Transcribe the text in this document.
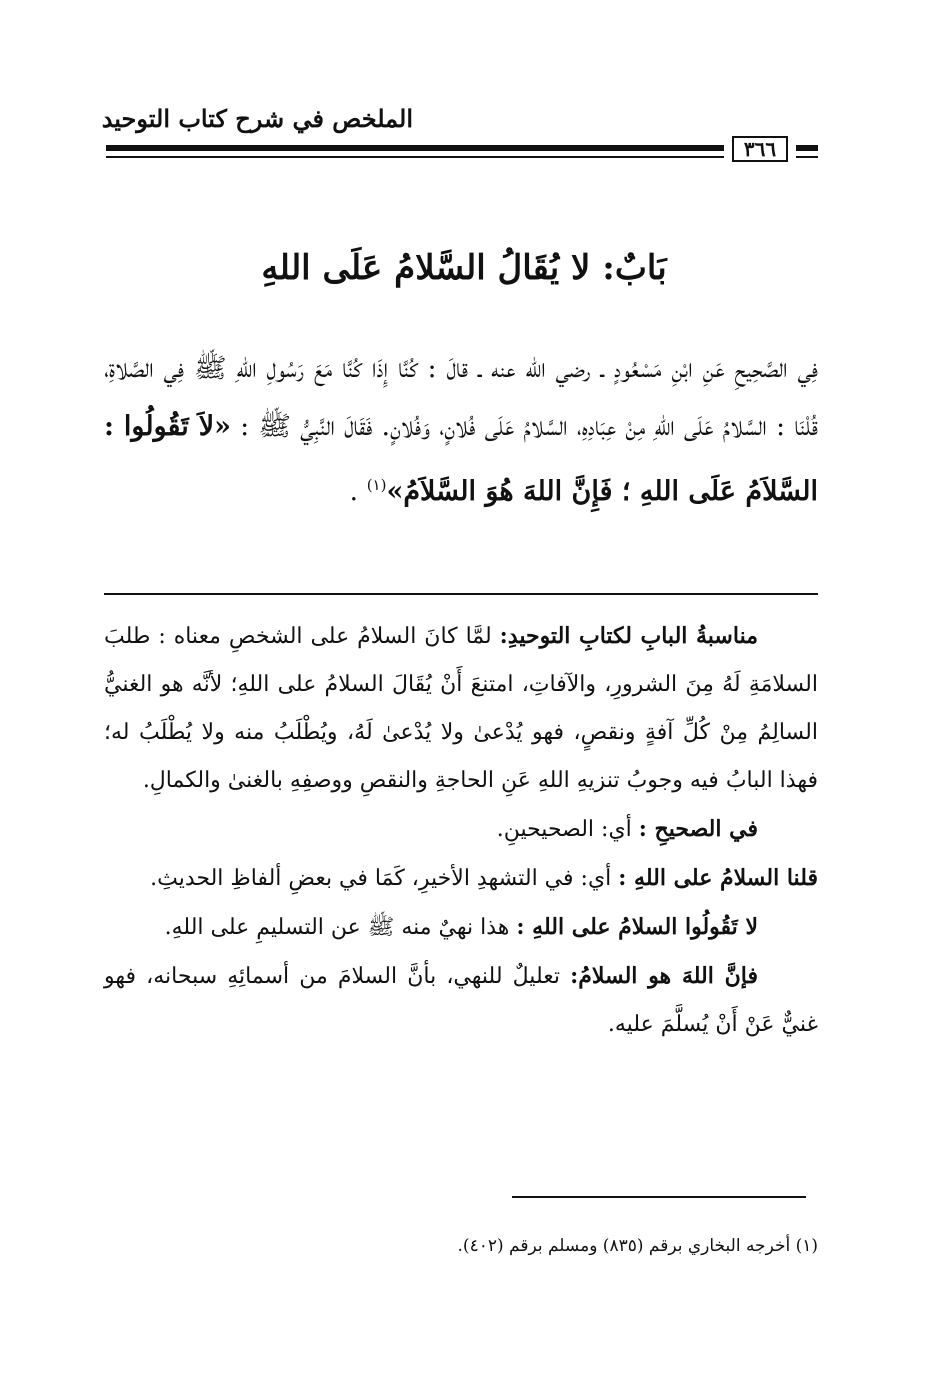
الملخص في شرح كتاب التوحيد
٣٦٦
بَابٌ: لا يُقَالُ السَّلامُ عَلَى اللهِ
فِي الصَّحِيحِ عَنِ ابْنِ مَسْعُودٍ ـ رضي الله عنه ـ قالَ : كُنَّا إِذَا كُنَّا مَعَ رَسُولِ اللهِ ﷺ فِي الصَّلاةِ، قُلْنَا : السَّلامُ عَلَى اللهِ مِنْ عِبَادِهِ، السَّلامُ عَلَى فُلانٍ، وَفُلانٍ. فَقَالَ النَّبِيُّ ﷺ : «لاَ تَقُولُوا : السَّلاَمُ عَلَى اللهِ ؛ فَإِنَّ اللهَ هُوَ السَّلاَمُ»$^{(١)}$ .

مناسبةُ البابِ لكتابِ التوحيدِ: لمَّا كانَ السلامُ على الشخصِ معناه : طلبَ السلامَةِ لَهُ مِنَ الشرورِ، والآفاتِ، امتنعَ أَنْ يُقَالَ السلامُ على اللهِ؛ لأنَّه هو الغنيُّ السالِمُ مِنْ كُلِّ آفةٍ ونقصٍ، فهو يُدْعىٰ ولا يُدْعىٰ لَهُ، ويُطْلَبُ منه ولا يُطْلَبُ له؛ فهذا البابُ فيه وجوبُ تنزيهِ اللهِ عَنِ الحاجةِ والنقصِ ووصفِهِ بالغنىٰ والكمالِ.

في الصحيحِ : أي: الصحيحينِ.

قلنا السلامُ على اللهِ : أي: في التشهدِ الأخيرِ، كَمَا في بعضِ ألفاظِ الحديثِ.

لا تَقُولُوا السلامُ على اللهِ : هذا نهيٌ منه ﷺ عن التسليمِ على اللهِ.

فإنَّ اللهَ هو السلامُ: تعليلٌ للنهي، بأنَّ السلامَ من أسمائِهِ سبحانه، فهو غنيٌّ عَنْ أَنْ يُسلَّمَ عليه.

(١) أخرجه البخاري برقم (٨٣٥) ومسلم برقم (٤٠٢).
